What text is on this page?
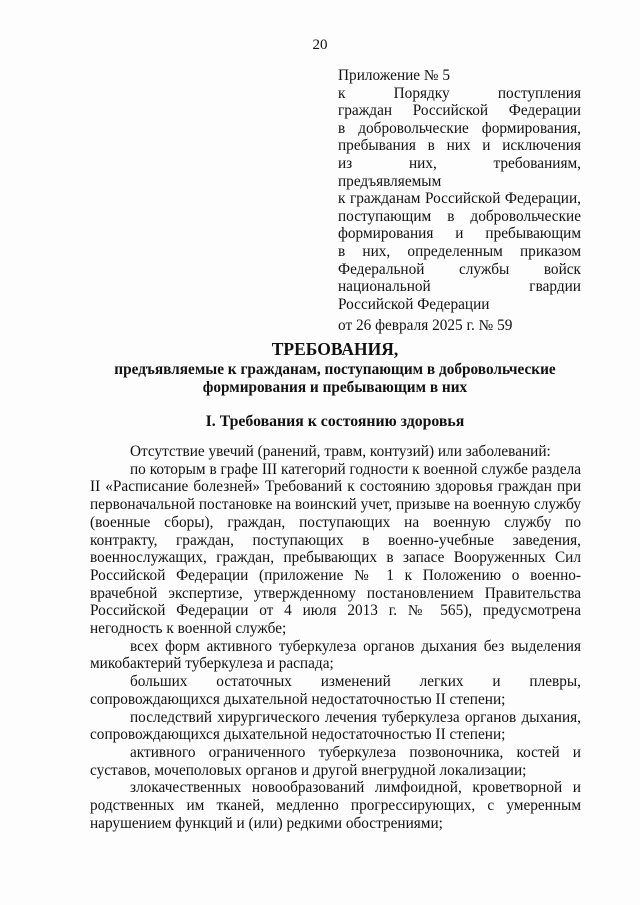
20
Приложение № 5
к Порядку поступления
граждан Российской Федерации
в добровольческие формирования,
пребывания в них и исключения
из них, требованиям, предъявляемым
к гражданам Российской Федерации,
поступающим в добровольческие
формирования и пребывающим
в них, определенным приказом
Федеральной службы войск
национальной гвардии
Российской Федерации
от 26 февраля 2025 г. № 59
ТРЕБОВАНИЯ,
предъявляемые к гражданам, поступающим в добровольческие формирования и пребывающим в них
I. Требования к состоянию здоровья

Отсутствие увечий (ранений, травм, контузий) или заболеваний:

по которым в графе III категорий годности к военной службе раздела II «Расписание болезней» Требований к состоянию здоровья граждан при первоначальной постановке на воинский учет, призыве на военную службу (военные сборы), граждан, поступающих на военную службу по контракту, граждан, поступающих в военно-учебные заведения, военнослужащих, граждан, пребывающих в запасе Вооруженных Сил Российской Федерации (приложение № 1 к Положению о военно-врачебной экспертизе, утвержденному постановлением Правительства Российской Федерации от 4 июля 2013 г. № 565), предусмотрена негодность к военной службе;

всех форм активного туберкулеза органов дыхания без выделения микобактерий туберкулеза и распада;

больших остаточных изменений легких и плевры, сопровождающихся дыхательной недостаточностью II степени;

последствий хирургического лечения туберкулеза органов дыхания, сопровождающихся дыхательной недостаточностью II степени;

активного ограниченного туберкулеза позвоночника, костей и суставов, мочеполовых органов и другой внегрудной локализации;

злокачественных новообразований лимфоидной, кроветворной и родственных им тканей, медленно прогрессирующих, с умеренным нарушением функций и (или) редкими обострениями;
